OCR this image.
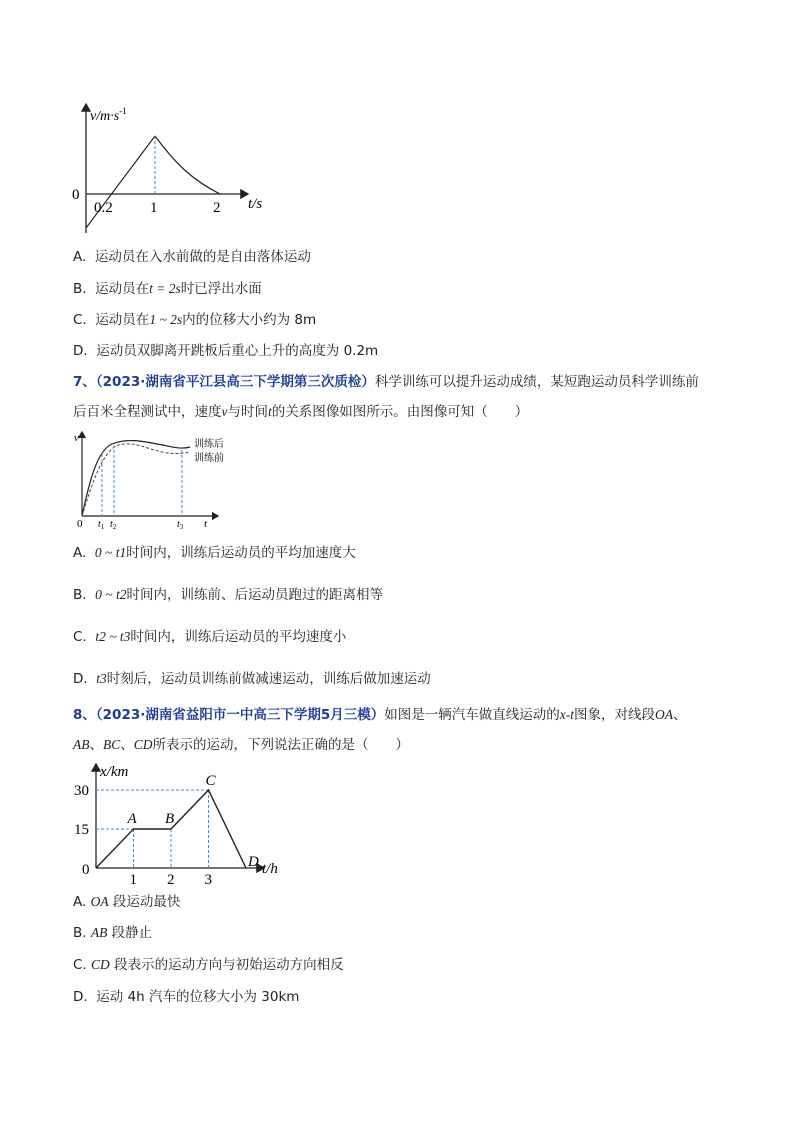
$v/m\cdot s^{-1}$
0
0.2 1	2 t/s
A. 运动员在入水前做的是自由落体运动
B. 运动员在t = 2s时已浮出水面
C. 运动员在1 ~ 2s内的位移大小约为 8m
D. 运动员双脚离开跳板后重心上升的高度为 0.2m
7、（2023·湖南省平江县高三下学期第三次质检）科学训练可以提升运动成绩，某短跑运动员科学训练前
后百米全程测试中，速度v与时间t的关系图像如图所示。由图像可知（　　）
v
0 $t_1$ $t_2$	$t_3$ t
训练后
训练前
A. 0 ~ t1时间内，训练后运动员的平均加速度大
B. 0 ~ t2时间内，训练前、后运动员跑过的距离相等
C. t2 ~ t3时间内，训练后运动员的平均速度小
D. t3时刻后，运动员训练前做减速运动，训练后做加速运动
8、（2023·湖南省益阳市一中高三下学期5月三模）如图是一辆汽车做直线运动的x-t图象，对线段OA、
AB、BC、CD所表示的运动，下列说法正确的是（　　）
1 2 3
15
30
A B
C
D
x/km
t/h
0
A. OA 段运动最快
B. AB 段静止
C. CD 段表示的运动方向与初始运动方向相反
D. 运动 4h 汽车的位移大小为 30km
